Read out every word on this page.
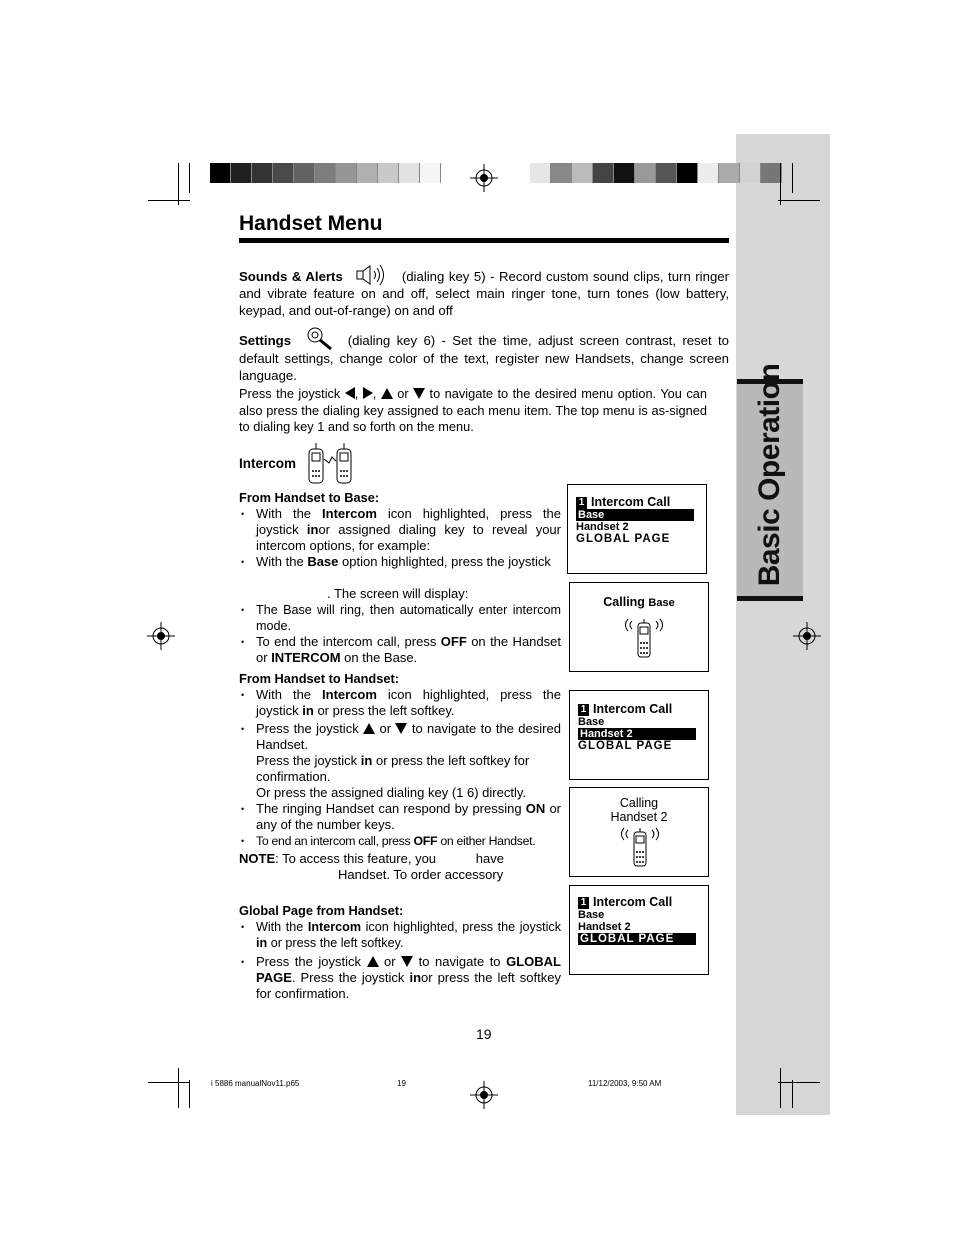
Basic Operation
Handset Menu

Sounds & Alerts	(dialing key 5) - Record custom sound clips, turn ringer and vibrate feature on and off, select main ringer tone, turn tones (low battery, keypad, and out-of-range) on and off

Settings	(dialing key 6) - Set the time, adjust screen contrast, reset to default settings, change color of the text, register new Handsets, change screen language.

Press the joystick , ,  or to navigate to the desired menu option. You can also press the dialing key assigned to each menu item. The top menu is as-signed to dialing key 1 and so forth on the menu.

Intercom
From Handset to Base:
• With the Intercom icon highlighted, press the joystick inor assigned dialing key to reveal your intercom options, for example:
• With the Base option highlighted, press the joystick
. The screen will display:
• The Base will ring, then automatically enter intercom mode.
• To end the intercom call, press OFF on the Handset or INTERCOM on the Base.
From Handset to Handset:
• With the Intercom icon highlighted, press the joystick in or press the left softkey.
• Press the joystick or to navigate to the desired Handset.
Press the joystick in or press the left softkey for confirmation.
Or press the assigned dialing key (1 6) directly.
• The ringing Handset can respond by pressing ON or any of the number keys.
• To end an intercom call, press OFF on either Handset.
NOTE: To access this feature, you           have
Handset. To order accessory
Global Page from Handset:
• With the Intercom icon highlighted, press the joystick in or press the left softkey.
• Press the joystick or to navigate to GLOBAL PAGE. Press the joystick inor press the left softkey for confirmation.
1 Intercom Call
Base
Handset 2
GLOBAL PAGE
Calling Base
1 Intercom Call
Base
Handset 2
GLOBAL PAGE
Calling
Handset 2
1 Intercom Call
Base
Handset 2
GLOBAL PAGE
19
i 5886 manualNov11.p65	19	11/12/2003, 9:50 AM
